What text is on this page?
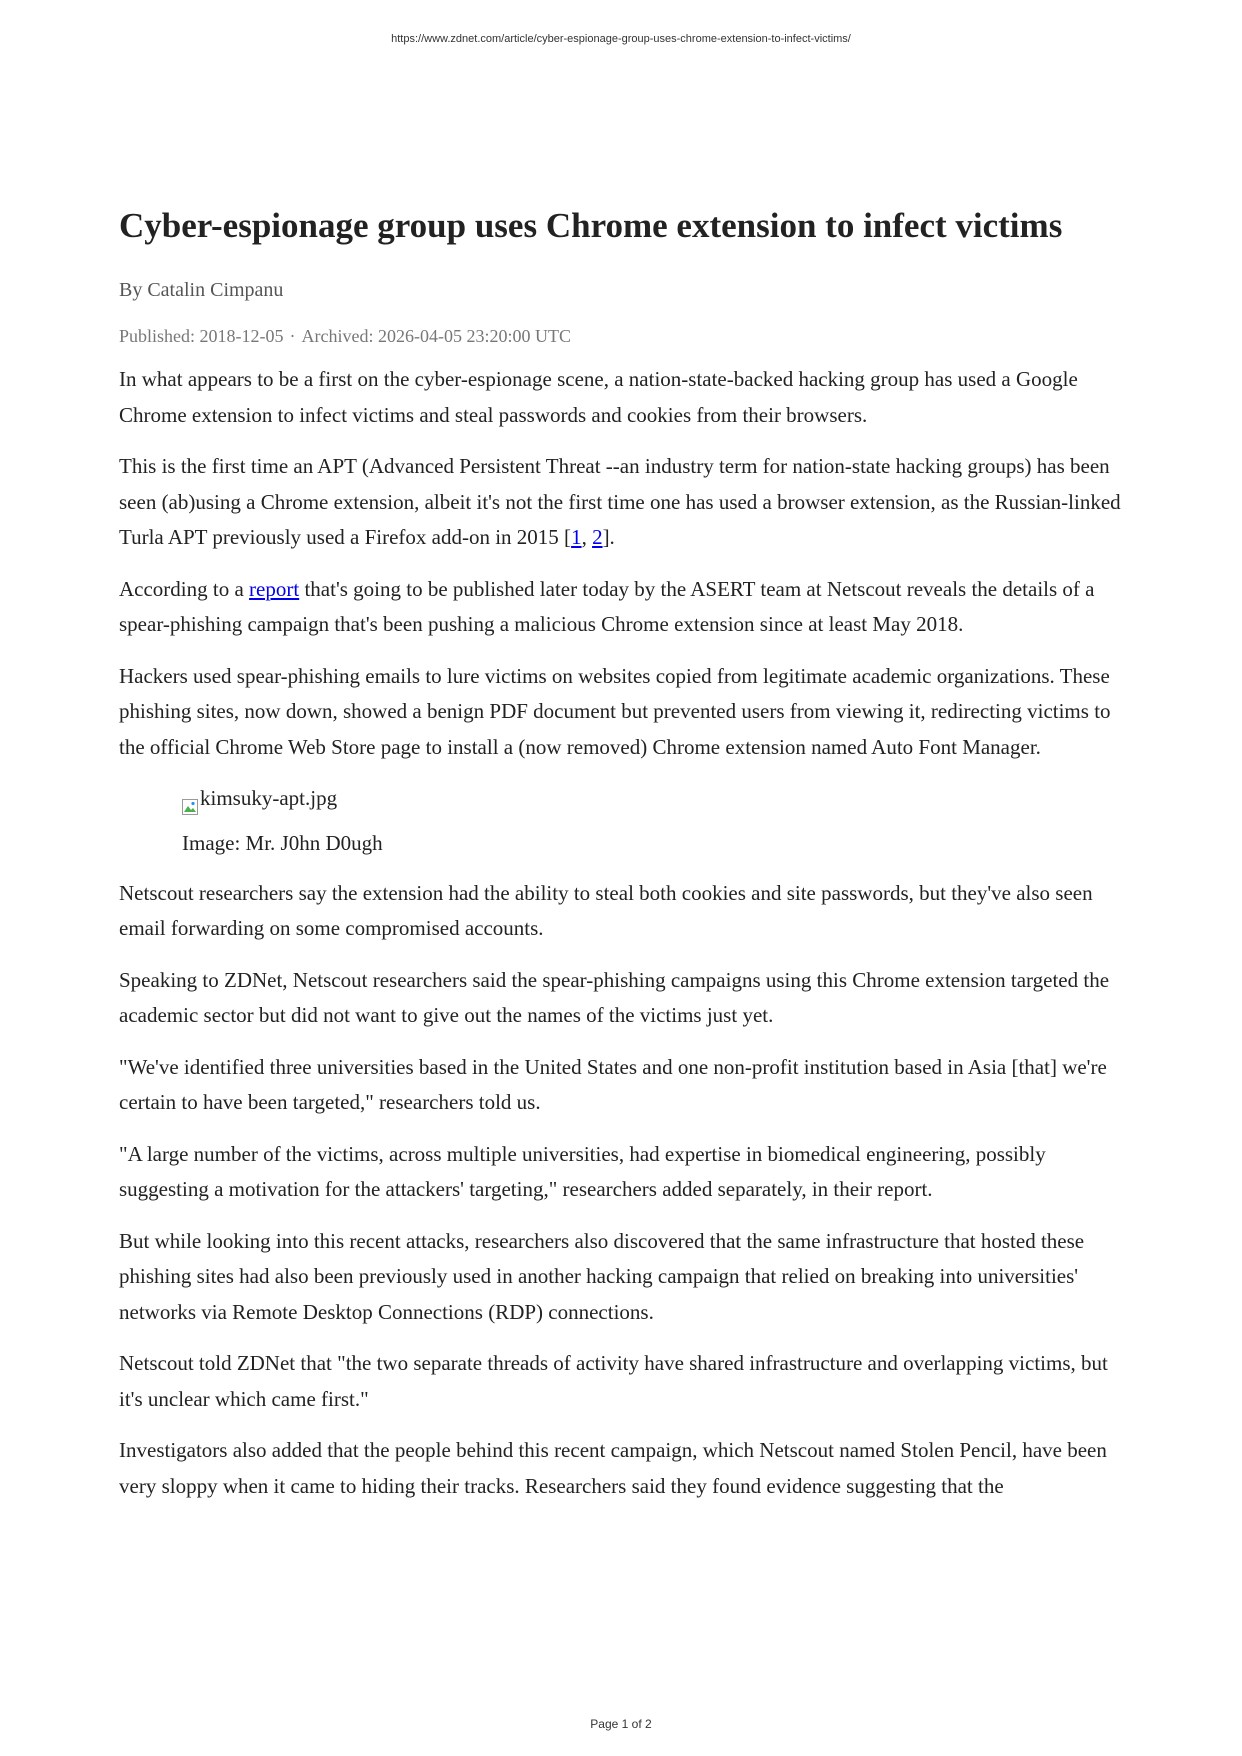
https://www.zdnet.com/article/cyber-espionage-group-uses-chrome-extension-to-infect-victims/
Cyber-espionage group uses Chrome extension to infect victims
By Catalin Cimpanu
Published: 2018-12-05 · Archived: 2026-04-05 23:20:00 UTC

In what appears to be a first on the cyber-espionage scene, a nation-state-backed hacking group has used a Google Chrome extension to infect victims and steal passwords and cookies from their browsers.

This is the first time an APT (Advanced Persistent Threat --an industry term for nation-state hacking groups) has been seen (ab)using a Chrome extension, albeit it's not the first time one has used a browser extension, as the Russian-linked Turla APT previously used a Firefox add-on in 2015 [1, 2].

According to a report that's going to be published later today by the ASERT team at Netscout reveals the details of a spear-phishing campaign that's been pushing a malicious Chrome extension since at least May 2018.

Hackers used spear-phishing emails to lure victims on websites copied from legitimate academic organizations. These phishing sites, now down, showed a benign PDF document but prevented users from viewing it, redirecting victims to the official Chrome Web Store page to install a (now removed) Chrome extension named Auto Font Manager.

kimsuky-apt.jpg
Image: Mr. J0hn D0ugh

Netscout researchers say the extension had the ability to steal both cookies and site passwords, but they've also seen email forwarding on some compromised accounts.

Speaking to ZDNet, Netscout researchers said the spear-phishing campaigns using this Chrome extension targeted the academic sector but did not want to give out the names of the victims just yet.

"We've identified three universities based in the United States and one non-profit institution based in Asia [that] we're certain to have been targeted," researchers told us.

"A large number of the victims, across multiple universities, had expertise in biomedical engineering, possibly suggesting a motivation for the attackers' targeting," researchers added separately, in their report.

But while looking into this recent attacks, researchers also discovered that the same infrastructure that hosted these phishing sites had also been previously used in another hacking campaign that relied on breaking into universities' networks via Remote Desktop Connections (RDP) connections.

Netscout told ZDNet that "the two separate threads of activity have shared infrastructure and overlapping victims, but it's unclear which came first."

Investigators also added that the people behind this recent campaign, which Netscout named Stolen Pencil, have been very sloppy when it came to hiding their tracks. Researchers said they found evidence suggesting that the

Page 1 of 2
